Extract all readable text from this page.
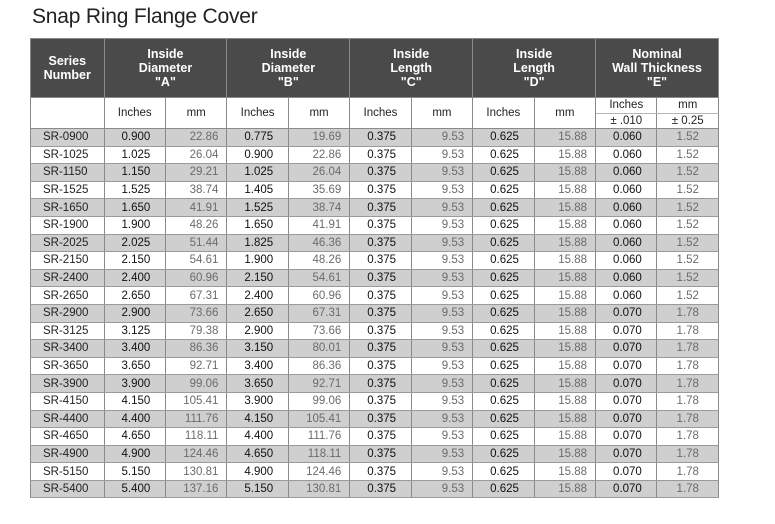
Snap Ring Flange Cover
Series
Number	Inside
Diameter
"A"		Inside
Diameter
"B"		Inside
Length
"C"		Inside
Length
"D"		Nominal
Wall Thickness
"E"	

	Inches	mm	Inches	mm	Inches	mm	Inches	mm	Inches	mm
									± .010	± 0.25
SR-0900	0.900	22.86	0.775	19.69	0.375	9.53	0.625	15.88	0.060	1.52
SR-1025	1.025	26.04	0.900	22.86	0.375	9.53	0.625	15.88	0.060	1.52
SR-1150	1.150	29.21	1.025	26.04	0.375	9.53	0.625	15.88	0.060	1.52
SR-1525	1.525	38.74	1.405	35.69	0.375	9.53	0.625	15.88	0.060	1.52
SR-1650	1.650	41.91	1.525	38.74	0.375	9.53	0.625	15.88	0.060	1.52
SR-1900	1.900	48.26	1.650	41.91	0.375	9.53	0.625	15.88	0.060	1.52
SR-2025	2.025	51.44	1.825	46.36	0.375	9.53	0.625	15.88	0.060	1.52
SR-2150	2.150	54.61	1.900	48.26	0.375	9.53	0.625	15.88	0.060	1.52
SR-2400	2.400	60.96	2.150	54.61	0.375	9.53	0.625	15.88	0.060	1.52
SR-2650	2.650	67.31	2.400	60.96	0.375	9.53	0.625	15.88	0.060	1.52
SR-2900	2.900	73.66	2.650	67.31	0.375	9.53	0.625	15.88	0.070	1.78
SR-3125	3.125	79.38	2.900	73.66	0.375	9.53	0.625	15.88	0.070	1.78
SR-3400	3.400	86.36	3.150	80.01	0.375	9.53	0.625	15.88	0.070	1.78
SR-3650	3.650	92.71	3.400	86.36	0.375	9.53	0.625	15.88	0.070	1.78
SR-3900	3.900	99.06	3.650	92.71	0.375	9.53	0.625	15.88	0.070	1.78
SR-4150	4.150	105.41	3.900	99.06	0.375	9.53	0.625	15.88	0.070	1.78
SR-4400	4.400	111.76	4.150	105.41	0.375	9.53	0.625	15.88	0.070	1.78
SR-4650	4.650	118.11	4.400	111.76	0.375	9.53	0.625	15.88	0.070	1.78
SR-4900	4.900	124.46	4.650	118.11	0.375	9.53	0.625	15.88	0.070	1.78
SR-5150	5.150	130.81	4.900	124.46	0.375	9.53	0.625	15.88	0.070	1.78
SR-5400	5.400	137.16	5.150	130.81	0.375	9.53	0.625	15.88	0.070	1.78
